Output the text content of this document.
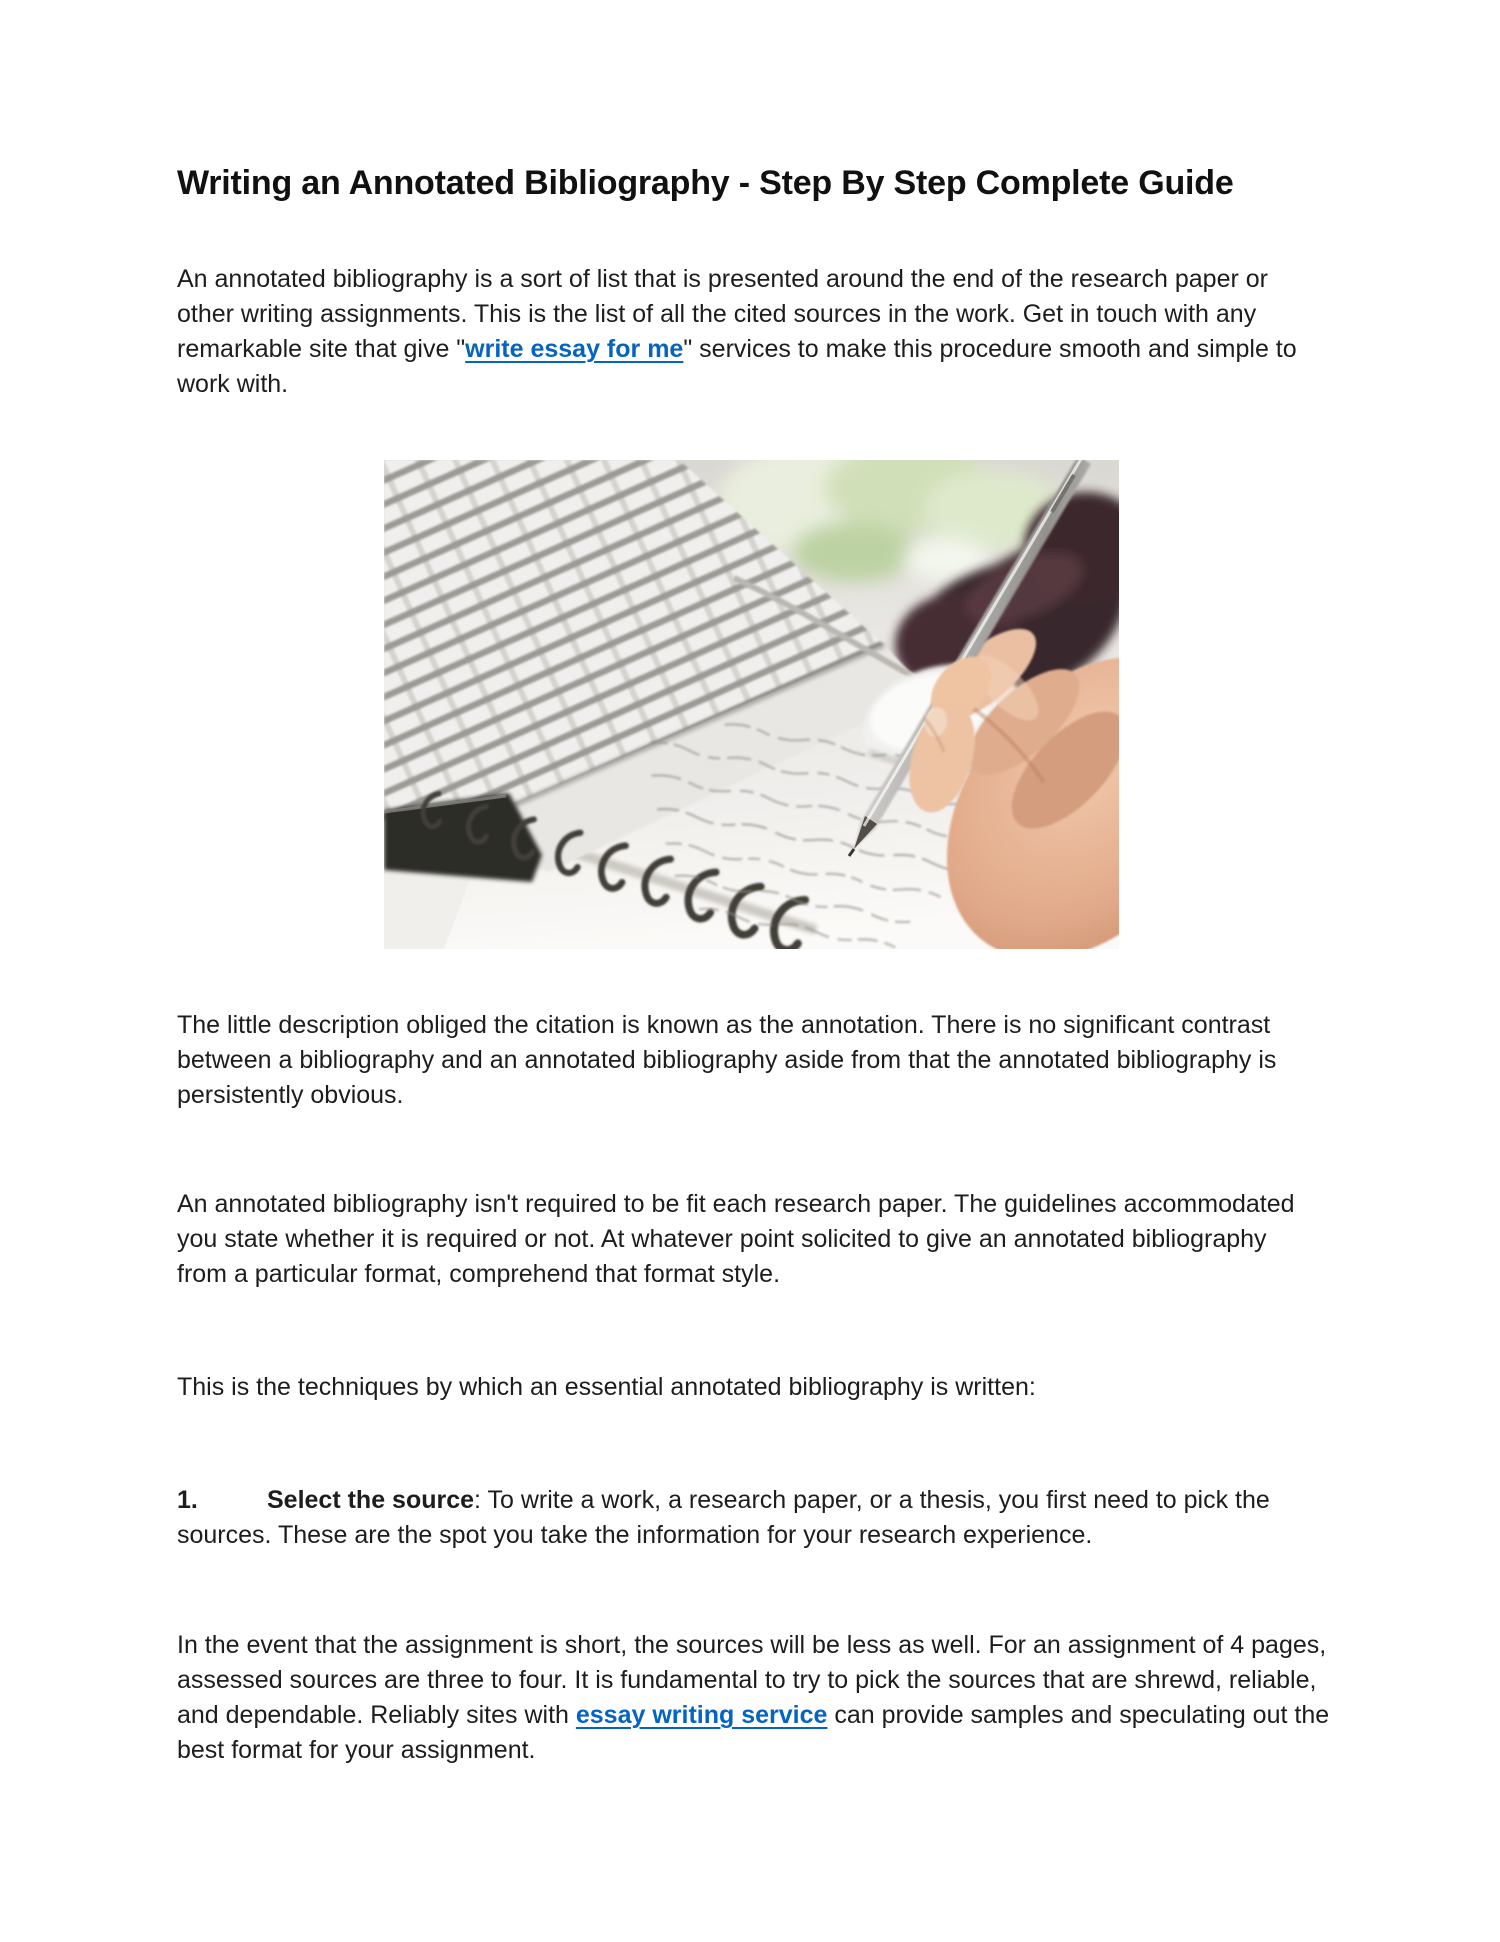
Writing an Annotated Bibliography - Step By Step Complete Guide
An annotated bibliography is a sort of list that is presented around the end of the research paper or
other writing assignments. This is the list of all the cited sources in the work. Get in touch with any
remarkable site that give "write essay for me" services to make this procedure smooth and simple to
work with.
The little description obliged the citation is known as the annotation. There is no significant contrast
between a bibliography and an annotated bibliography aside from that the annotated bibliography is
persistently obvious.
An annotated bibliography isn't required to be fit each research paper. The guidelines accommodated
you state whether it is required or not. At whatever point solicited to give an annotated bibliography
from a particular format, comprehend that format style.
This is the techniques by which an essential annotated bibliography is written:
1.	Select the source: To write a work, a research paper, or a thesis, you first need to pick the
sources. These are the spot you take the information for your research experience.
In the event that the assignment is short, the sources will be less as well. For an assignment of 4 pages,
assessed sources are three to four. It is fundamental to try to pick the sources that are shrewd, reliable,
and dependable. Reliably sites with essay writing service can provide samples and speculating out the
best format for your assignment.
